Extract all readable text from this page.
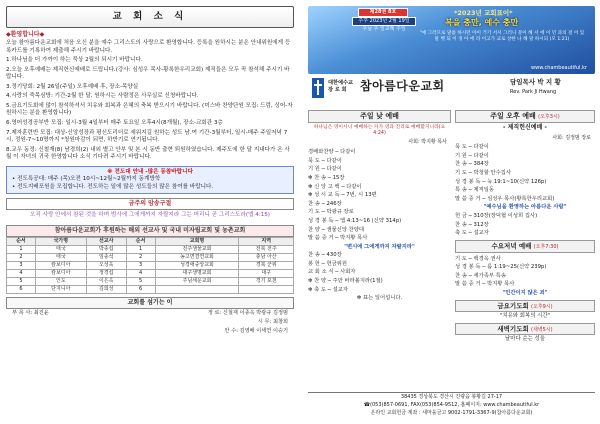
교 회 소 식
◆환영합니다◆
오늘 참아름다운교회에 처음 오신 분을 예수 그리스도의 사랑으로 환영합니다. 등록을 원하시는 분은 안내위원에게 등록카드를 기록하여 제출해 주시기 바랍니다.
1.하나님을 더 가까이 하는 묵상 2월의 되시기 바랍니다.
2.오늘 오후예배는 제직헌신예배로 드립니다.(강사: 심성우 목사-황록한우리교회) 제직들은 모두 꼭 참석해 주시기 바랍니다.
3.정기당회: 2월 26일(주일) 오후예배 후, 장소-목양실
4.사랑의 죽목심방: 기간-2월 한 달, 원하시는 사람정은 사무실로 신청바랍니다.
5.금요기도회에 많이 참석하셔서 치유와 회복과 은혜의 축복 받으시기 바랍니다. (미스바 찬양단원 모집: 드럼, 싱어-자원하시는 분을 환영합니다)
6.영어성경공부반 모집: 일시-3월 4일부터 매주 토요일 오후4시(8개월), 장소-교회관 3층
7.제자훈련반 모집: 대상-신앙성장과 평신도리더로 세워지길 원하는 성도 남.여 기간-3월부터, 일시-매주 주일저녁 7시, 정원-7~10명까지 *청원마감이 되면, 하반기로 연기됩니다.
8.교우 동정: 신철재(8) 남경희(2) 내외 별고 안부 및 본 시 동반 출현 퇴원하였습니다. 제주도에 한 달 지내다가 온 사 월 이 자녀의 귀국 한영합니다 소식 기다려 주시기 바랍니다.
※ 전도대 안내 -많은 동참바랍니다
• 전도특공대: 매주 (목)오전 10시~12월~2월까지 동계방학
• 전도지배포원을 모집합니다. 전도하는 일에 많은 성도들의 많은 참여를 바랍니다.
금주의 암송구절
오직 사랑 안에서 참된 것을 하며 범사에 그에게까지 자랄지라 그는 머리니 곧 그리스도라(엡 4:15)
참아름다운교회가 후원하는 해외 선교사 및 국내 미자립교회 및 농촌교회
순서	국가명	선교사	순서	교회명	지역
1	태국	박종섭	1	전주샘물교회	전북 전주
2	태국	임종석	2	농고면결연교회	충남 아산
3	캄보디아	오성욱	3	성경애중앙교회	경북 군위
4	캄보디아	정경섭	4	대구생명교회	대구
5	인도	이은옥	5	주님세운교회	경기 포천
6	단지니아	김희성	6		
교회를 섬기는 이
부 목 사: 최진윤	정 로: 신철재 이종옥 박광규 김정범
시 무: 최창희
안 수: 김영배 이세연 이승기
제28권 8호
주후 2023년 2월 19일
주님 주 일교례 주일
*2023년 교회표어*
복을 충만, 예수 충만
"예 그러므로 말씀 하시던 아이 거기 서서 그러니 분이 해 서 에 이 먼 과의 걸 어 있 말 뻣 되 이 경 아 에 라 이고가 교로 상한 나 해 말 하시되 (모 1:21)
www.chambeautiful.kr
대한예수교
장 로 회	참아름다운교회	담임목사 박 지 황
Rev. Park Ji Hwang
주일 낮 예배
하나님은 영이시니 예배하는 자가 영과 진리로 예배할지니라(요4:24)
사회: 박지황 목사
경배와찬양 ─ 다같이
묵 도 ─ 다같이
기 원 ─ 다같이
✻ 찬 송 ─ 15장
✻ 신 앙 고 백 ─ 다같이
✻ 성 시 교 독 ─ 7번, 시 13편
찬 송 ─ 246장
기 도 ─ 박광규 장로
성 경 봉 독 ─ 엡 4:13~16 (신약 314p)
찬 양 ─ 샘물신앙 찬양대
말 씀 증 거 ─ 박지황 목사
"변시에 그에게까지 자랄지라"
찬 송 ─ 430장
봉 헌 ─ 헌금위원
교 회 소 식 ─ 사회자
✻ 찬 양 ─ 주만 바라볼지라(1절)
✻ 축 도 ─ 설교자
✻ 표는 일어섭니다.
주일 오후 예배 (오후3시)
- 제직헌신예배 -
사회: 김정범 장로
묵 도 ─ 다같이
기 원 ─ 다같이
찬 송 ─ 384장
기 도 ─ 박청할 안수집사
성 경 봉 독 ─ 눅 19:1~10(신약 126p)
특 송 ─ 제직일동
말 씀 증 거 ─ 심성우 목사(황록한우리교회)
"예수님을 환영하는 아름다운 사람"
헌 금 ─ 310장(장덕협 이성희 집사)
찬 송 ─ 312장
축 도 ─ 설교자
수요저녁 예배 (오후7:30)
기 도 ─ 백경옥 권사
성 경 봉 독 ─ 룸 1:19~25(신약 239p)
찬 송 ─ 세가족부 특송
말 씀 증 거 ─ 박지황 목사
"인간이지 않은 죄"
금요기도회 (오후9시)
"치유와 회복의 시간"
새벽기도회 (새벽5시)
날마다 순는 성울
38435 경상북도 경산시 진량읍 봉황길 27-17
☎(053)857-0691, FAX(053)854-9512, 홈페이지: www.chambeautiful.kr
온라인 교회헌금 계좌 : 새마을금고 9002-1791-3367-9(참아름다운교회)
